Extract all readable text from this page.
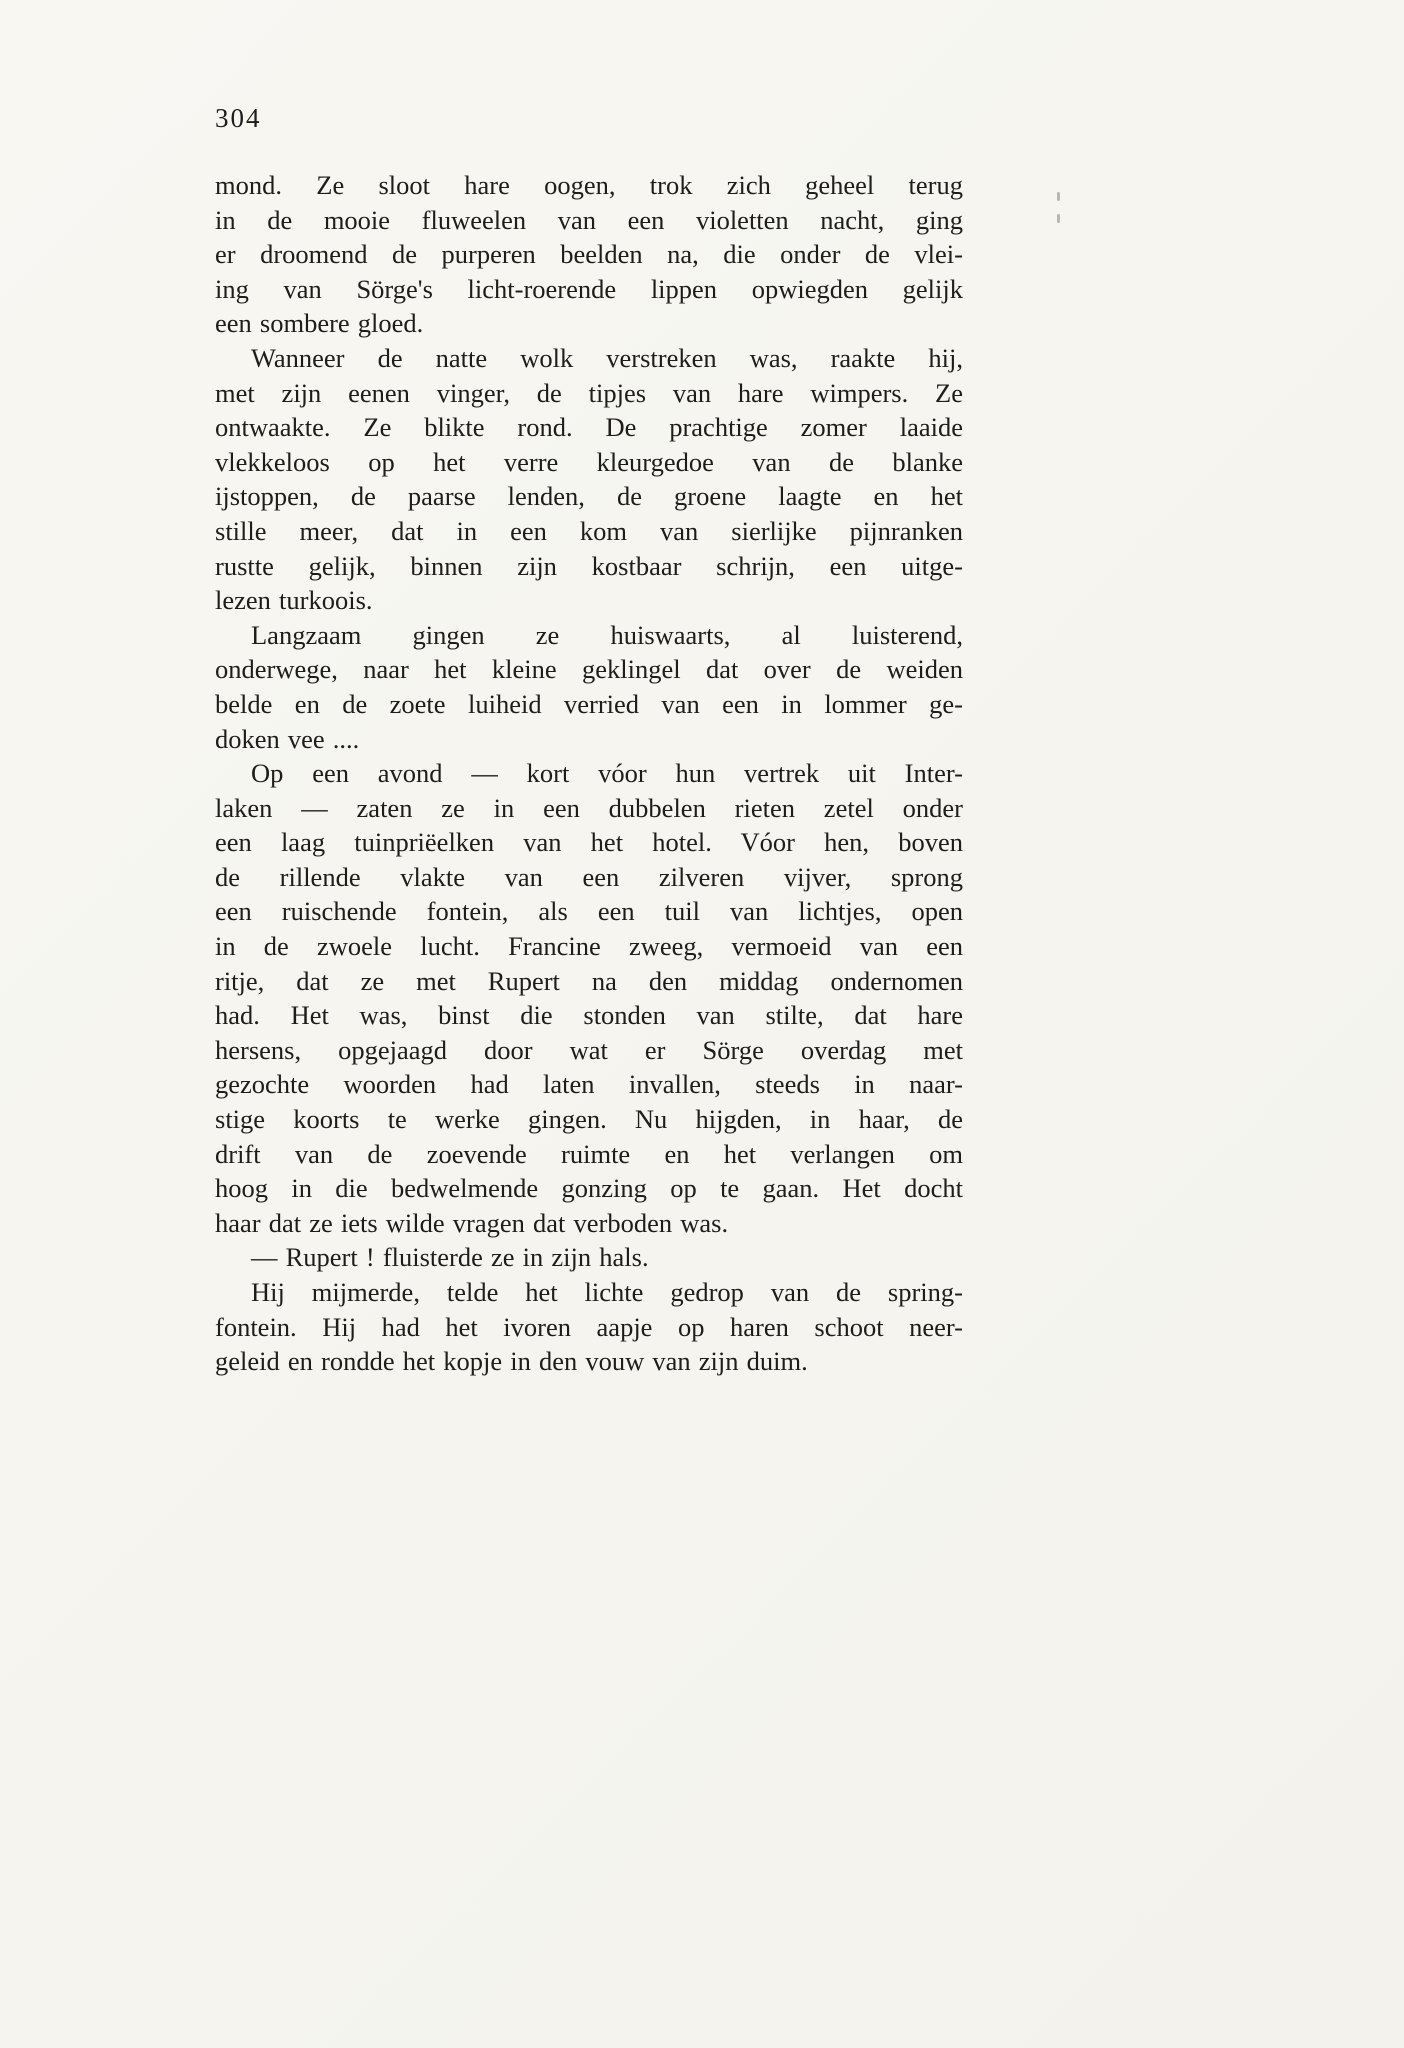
304
mond. Ze sloot hare oogen, trok zich geheel terug
in de mooie fluweelen van een violetten nacht, ging
er droomend de purperen beelden na, die onder de vlei-
ing van Sörge's licht-roerende lippen opwiegden gelijk
een sombere gloed.
Wanneer de natte wolk verstreken was, raakte hij,
met zijn eenen vinger, de tipjes van hare wimpers. Ze
ontwaakte. Ze blikte rond. De prachtige zomer laaide
vlekkeloos op het verre kleurgedoe van de blanke
ijstoppen, de paarse lenden, de groene laagte en het
stille meer, dat in een kom van sierlijke pijnranken
rustte gelijk, binnen zijn kostbaar schrijn, een uitge-
lezen turkoois.
Langzaam gingen ze huiswaarts, al luisterend,
onderwege, naar het kleine geklingel dat over de weiden
belde en de zoete luiheid verried van een in lommer ge-
doken vee ....
Op een avond — kort vóor hun vertrek uit Inter-
laken — zaten ze in een dubbelen rieten zetel onder
een laag tuinpriëelken van het hotel. Vóor hen, boven
de rillende vlakte van een zilveren vijver, sprong
een ruischende fontein, als een tuil van lichtjes, open
in de zwoele lucht. Francine zweeg, vermoeid van een
ritje, dat ze met Rupert na den middag ondernomen
had. Het was, binst die stonden van stilte, dat hare
hersens, opgejaagd door wat er Sörge overdag met
gezochte woorden had laten invallen, steeds in naar-
stige koorts te werke gingen. Nu hijgden, in haar, de
drift van de zoevende ruimte en het verlangen om
hoog in die bedwelmende gonzing op te gaan. Het docht
haar dat ze iets wilde vragen dat verboden was.
— Rupert ! fluisterde ze in zijn hals.
Hij mijmerde, telde het lichte gedrop van de spring-
fontein. Hij had het ivoren aapje op haren schoot neer-
geleid en rondde het kopje in den vouw van zijn duim.
